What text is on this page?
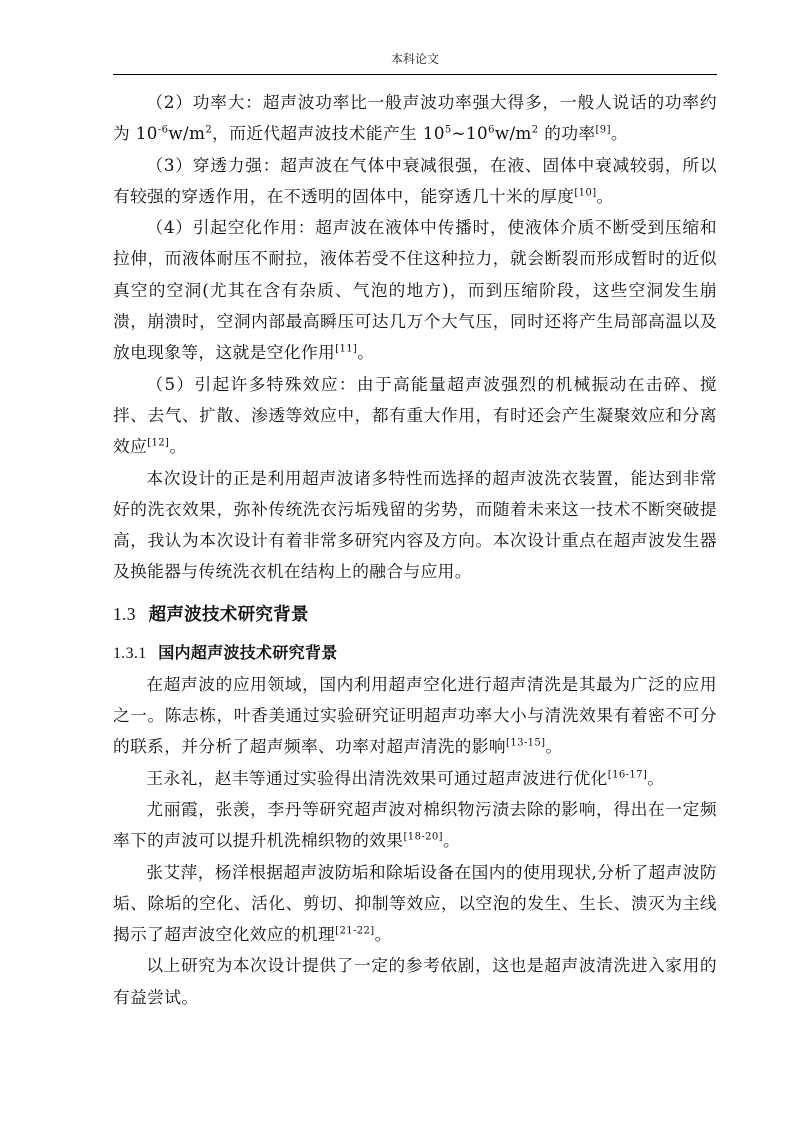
本科论文

（2）功率大：超声波功率比一般声波功率强大得多，一般人说话的功率约为 $10^{-6}w/m^2$，而近代超声波技术能产生 $10^5\sim 10^6w/m^2$ 的功率[9]。

（3）穿透力强：超声波在气体中衰减很强，在液、固体中衰减较弱，所以有较强的穿透作用，在不透明的固体中，能穿透几十米的厚度[10]。

（4）引起空化作用：超声波在液体中传播时，使液体介质不断受到压缩和拉伸，而液体耐压不耐拉，液体若受不住这种拉力，就会断裂而形成暂时的近似真空的空洞(尤其在含有杂质、气泡的地方)，而到压缩阶段，这些空洞发生崩溃，崩溃时，空洞内部最高瞬压可达几万个大气压，同时还将产生局部高温以及放电现象等，这就是空化作用[11]。

（5）引起许多特殊效应：由于高能量超声波强烈的机械振动在击碎、搅拌、去气、扩散、渗透等效应中，都有重大作用，有时还会产生凝聚效应和分离效应[12]。

本次设计的正是利用超声波诸多特性而选择的超声波洗衣装置，能达到非常好的洗衣效果，弥补传统洗衣污垢残留的劣势，而随着未来这一技术不断突破提高，我认为本次设计有着非常多研究内容及方向。本次设计重点在超声波发生器及换能器与传统洗衣机在结构上的融合与应用。

1.3 超声波技术研究背景
1.3.1 国内超声波技术研究背景

在超声波的应用领域，国内利用超声空化进行超声清洗是其最为广泛的应用之一。陈志栋，叶香美通过实验研究证明超声功率大小与清洗效果有着密不可分的联系，并分析了超声频率、功率对超声清洗的影响[13-15]。

王永礼，赵丰等通过实验得出清洗效果可通过超声波进行优化[16-17]。

尤丽霞，张羡，李丹等研究超声波对棉织物污渍去除的影响，得出在一定频率下的声波可以提升机洗棉织物的效果[18-20]。

张艾萍，杨洋根据超声波防垢和除垢设备在国内的使用现状,分析了超声波防垢、除垢的空化、活化、剪切、抑制等效应，以空泡的发生、生长、溃灭为主线揭示了超声波空化效应的机理[21-22]。

以上研究为本次设计提供了一定的参考依剧，这也是超声波清洗进入家用的有益尝试。
